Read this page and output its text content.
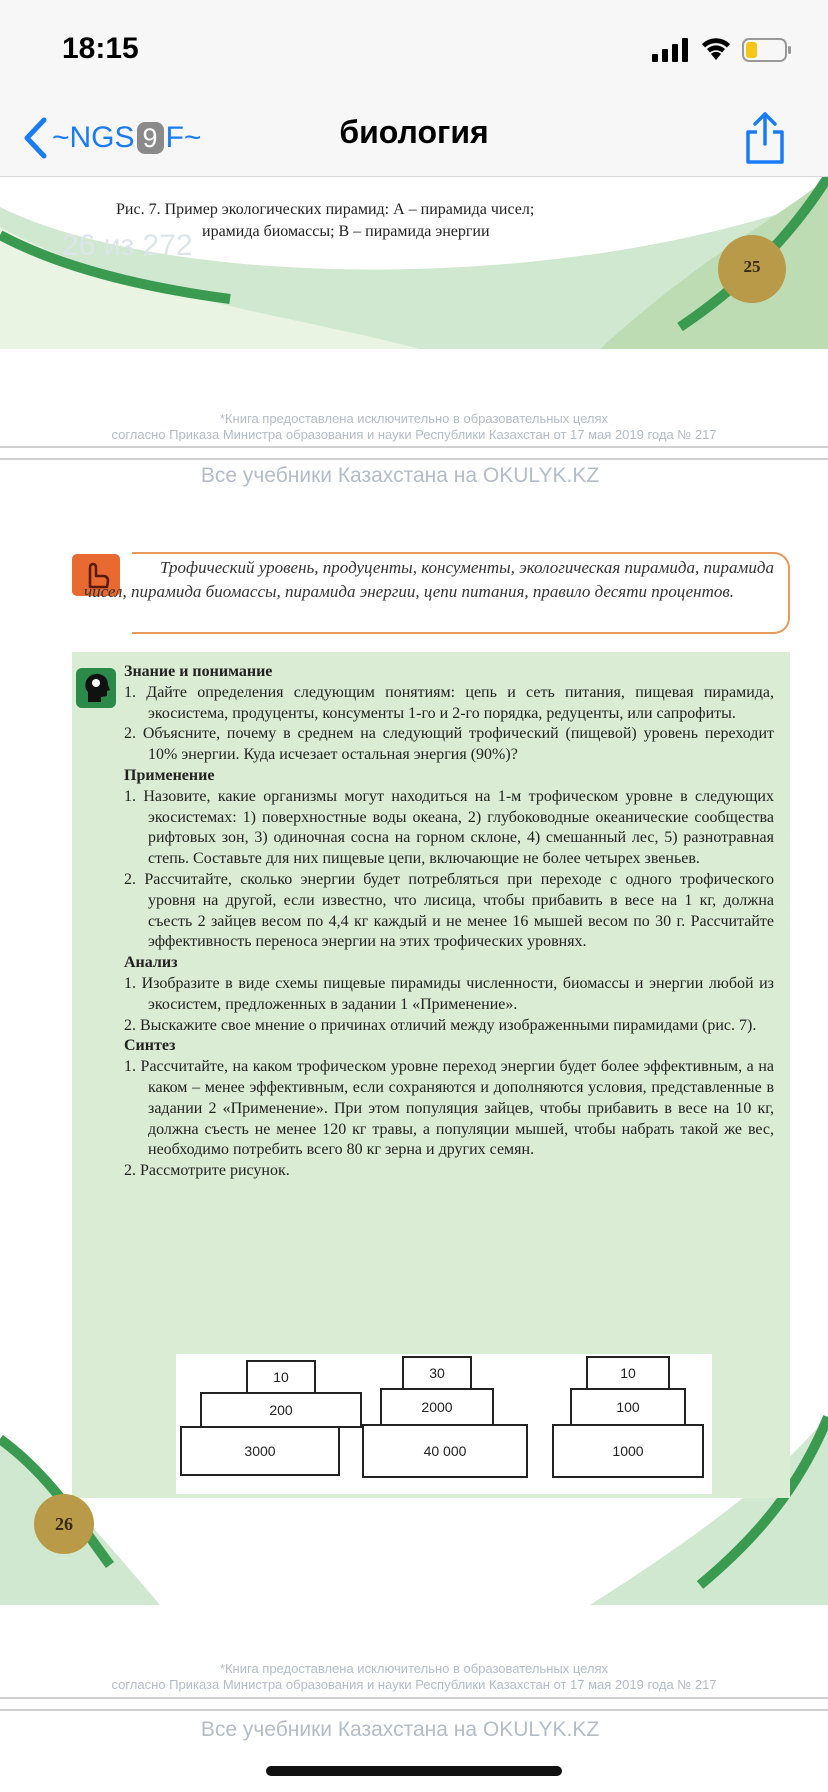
18:15
~NGS 9 F~	биология
Рис. 7. Пример экологических пирамид: А – пирамида чисел;
ирамида биомассы; В – пирамида энергии
26 из 272
25
*Книга предоставлена исключительно в образовательных целях
согласно Приказа Министра образования и науки Республики Казахстан от 17 мая 2019 года № 217
Все учебники Казахстана на OKULYK.KZ
Трофический уровень, продуценты, консументы, экологическая пирамида, пирамида чисел, пирамида биомассы, пирамида энергии, цепи питания, правило десяти процентов.
Знание и понимание
1. Дайте определения следующим понятиям: цепь и сеть питания, пищевая пирамида, экосистема, продуценты, консументы 1-го и 2-го порядка, редуценты, или сапрофиты.
2. Объясните, почему в среднем на следующий трофический (пищевой) уровень переходит 10% энергии. Куда исчезает остальная энергия (90%)?
Применение
1. Назовите, какие организмы могут находиться на 1-м трофическом уровне в следующих экосистемах: 1) поверхностные воды океана, 2) глубоководные океанические сообщества рифтовых зон, 3) одиночная сосна на горном склоне, 4) смешанный лес, 5) разнотравная степь. Составьте для них пищевые цепи, включающие не более четырех звеньев.
2. Рассчитайте, сколько энергии будет потребляться при переходе с одного трофического уровня на другой, если известно, что лисица, чтобы прибавить в весе на 1 кг, должна съесть 2 зайцев весом по 4,4 кг каждый и не менее 16 мышей весом по 30 г. Рассчитайте эффективность переноса энергии на этих трофических уровнях.
Анализ
1. Изобразите в виде схемы пищевые пирамиды численности, биомассы и энергии любой из экосистем, предложенных в задании 1 «Применение».
2. Выскажите свое мнение о причинах отличий между изображенными пирамидами (рис. 7).
Синтез
1. Рассчитайте, на каком трофическом уровне переход энергии будет более эффективным, а на каком – менее эффективным, если сохраняются и дополняются условия, представленные в задании 2 «Применение». При этом популяция зайцев, чтобы прибавить в весе на 10 кг, должна съесть не менее 120 кг травы, а популяции мышей, чтобы набрать такой же вес, необходимо потребить всего 80 кг зерна и других семян.
2. Рассмотрите рисунок.
10
200
3000
30
2000
40 000
10
100
1000
26
*Книга предоставлена исключительно в образовательных целях
согласно Приказа Министра образования и науки Республики Казахстан от 17 мая 2019 года № 217
Все учебники Казахстана на OKULYK.KZ
